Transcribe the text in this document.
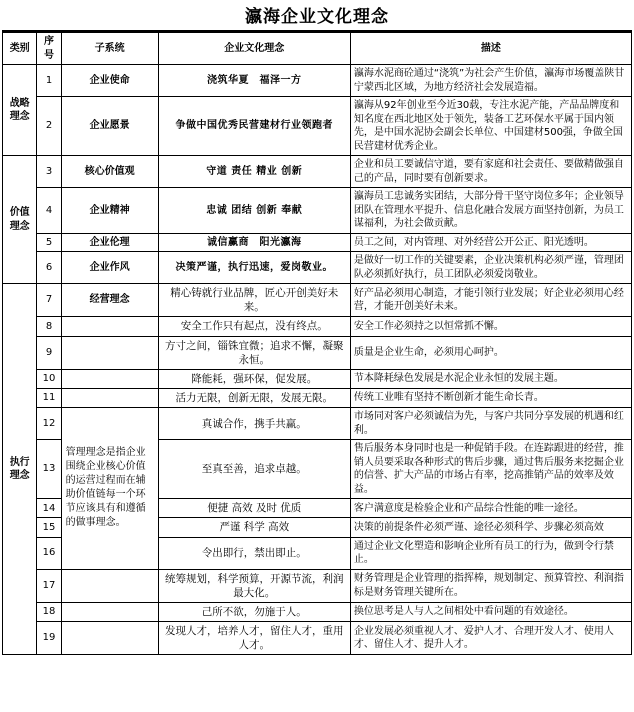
瀛海企业文化理念
类别	序号	子系统	企业文化理念	描述
战略理念	1	企业使命	浇筑华夏　福泽一方	瀛海水泥商砼通过“浇筑”为社会产生价值，瀛海市场覆盖陕甘宁蒙西北区域，为地方经济社会发展造福。
	2	企业愿景	争做中国优秀民营建材行业领跑者	瀛海从92年创业至今近30载，专注水泥产能，产品品牌度和知名度在西北地区处于领先，装备工艺环保水平属于国内领先，是中国水泥协会副会长单位、中国建材500强，争做全国民营建材优秀企业。
价值理念	3	核心价值观	守道 责任 精业 创新	企业和员工要诚信守道，要有家庭和社会责任、要做精做强自己的产品，同时要有创新要求。
	4	企业精神	忠诚 团结 创新 奉献	瀛海员工忠诚务实团结，大部分骨干坚守岗位多年；企业领导团队在管理水平提升、信息化融合发展方面坚持创新，为员工谋福利，为社会做贡献。
	5	企业伦理	诚信赢商　阳光瀛海	员工之间，对内管理、对外经营公开公正、阳光透明。
	6	企业作风	决策严谨，执行迅速，爱岗敬业。	是做好一切工作的关键要素，企业决策机构必须严谨，管理团队必须抓好执行，员工团队必须爱岗敬业。
执行理念	7	经营理念	精心铸就行业品牌，匠心开创美好未来。	好产品必须用心制造，才能引领行业发展；好企业必须用心经营，才能开创美好未来。
	8		安全工作只有起点，没有终点。	安全工作必须持之以恒常抓不懈。
	9		方寸之间，锱铢宜微；追求不懈，凝聚永恒。	质量是企业生命，必须用心呵护。
	10		降能耗，强环保，促发展。	节本降耗绿色发展是水泥企业永恒的发展主题。
	11		活力无限，创新无限，发展无限。	传统工业唯有坚持不断创新才能生命长青。
	12	管理理念是指企业围绕企业核心价值的运营过程而在辅助价值链每一个环节应该具有和遵循的做事理念。	真诚合作，携手共赢。	市场同对客户必须诚信为先，与客户共同分享发展的机遇和红利。
	13		至真至善，追求卓越。	售后服务本身同时也是一种促销手段。在连踪跟进的经营，推销人员要采取各种形式的售后步骤，通过售后服务来挖掘企业的信誉、扩大产品的市场占有率，挖高推销产品的效率及效益。
	14		便捷 高效 及时 优质	客户满意度是检验企业和产品综合性能的唯一途径。
	15		严谨 科学 高效	决策的前提条件必须严谨、途径必须科学、步骤必须高效
	16		令出即行，禁出即止。	通过企业文化塑造和影响企业所有员工的行为，做到令行禁止。
	17		统筹规划，科学预算，开源节流，利润最大化。	财务管理是企业管理的指挥棒，规划制定、预算管控、利润指标是财务管理关键所在。
	18		己所不欲，勿施于人。	换位思考是人与人之间相处中看问题的有效途径。
	19		发现人才，培养人才，留住人才，重用人才。	企业发展必须重视人才、爱护人才、合理开发人才、使用人才、留住人才、提升人才。
